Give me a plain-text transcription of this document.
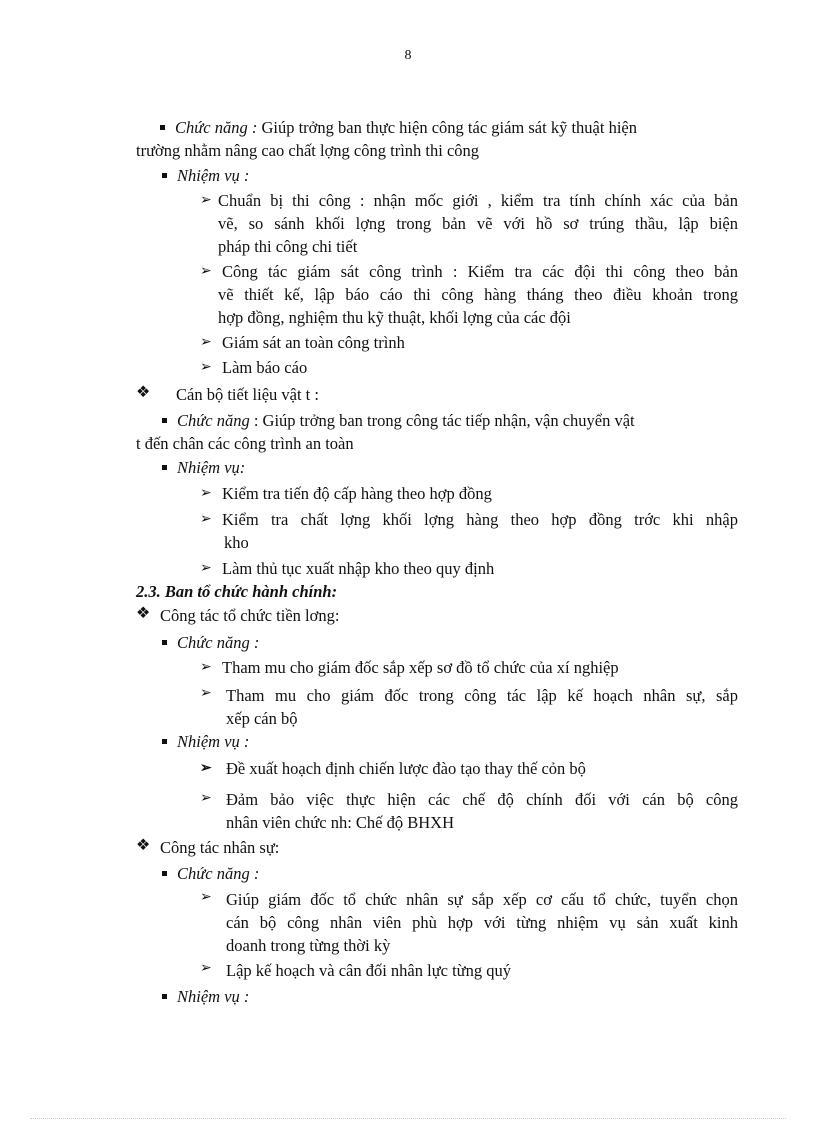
8
Chức năng : Giúp trởng ban thực hiện công tác giám sát kỹ thuật hiện
trường nhằm nâng cao chất lợng công trình thi công
Nhiệm vụ :
➢ Chuẩn bị thi công : nhận mốc giới , kiểm tra tính chính xác của bản
vẽ, so sánh khối lợng trong bản vẽ với hồ sơ trúng thầu, lập biện
pháp thi công chi tiết
➢ Công tác giám sát công trình : Kiểm tra các đội thi công theo bản
vẽ thiết kế, lập báo cáo thi công hàng tháng theo điều khoản trong
hợp đồng, nghiệm thu kỹ thuật, khối lợng của các đội
➢ Giám sát an toàn công trình
➢ Làm báo cáo
❖ Cán bộ tiết liệu vật t :
Chức năng : Giúp trởng ban trong công tác tiếp nhận, vận chuyển vật
t đến chân các công trình an toàn
Nhiệm vụ:
➢ Kiểm tra tiến độ cấp hàng theo hợp đồng
➢ Kiểm tra chất lợng khối lợng hàng theo hợp đồng trớc khi nhập
kho
➢ Làm thủ tục xuất nhập kho theo quy định
2.3. Ban tổ chức hành chính:
❖ Công tác tổ chức tiền lơng:
Chức năng :
➢ Tham mu cho giám đốc sắp xếp sơ đồ tổ chức của xí nghiệp
➢ Tham mu cho giám đốc trong công tác lập kế hoạch nhân sự, sắp
xếp cán bộ
Nhiệm vụ :
➢ Đề xuất hoạch định chiến lược đào tạo thay thế cỏn bộ
➢ Đảm bảo việc thực hiện các chế độ chính đối với cán bộ công
nhân viên chức nh: Chế độ BHXH
❖ Công tác nhân sự:
Chức năng :
➢ Giúp giám đốc tổ chức nhân sự sắp xếp cơ cấu tổ chức, tuyển chọn
cán bộ công nhân viên phù hợp với từng nhiệm vụ sản xuất kinh
doanh trong từng thời kỳ
➢ Lập kế hoạch và cân đối nhân lực từng quý
Nhiệm vụ :
